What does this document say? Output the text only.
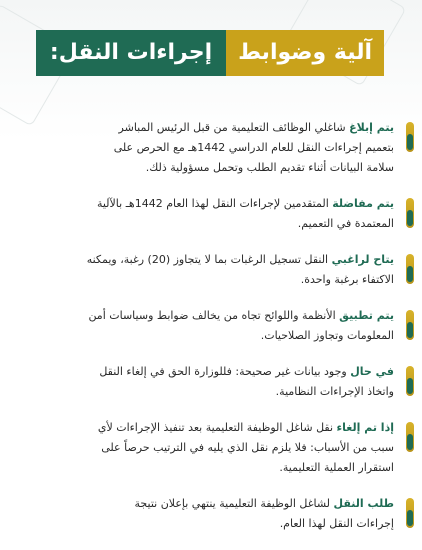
آلية وضوابط
إجراءات النقل:
يتم إبلاغ شاغلي الوظائف التعليمية من قبل الرئيس المباشر
بتعميم إجراءات النقل للعام الدراسي 1442هـ مع الحرص على
سلامة البيانات أثناء تقديم الطلب وتحمل مسؤولية ذلك.
يتم مفاضلة المتقدمين لإجراءات النقل لهذا العام 1442هـ بالآلية
المعتمدة في التعميم.
يتاح لراغبي النقل تسجيل الرغبات بما لا يتجاوز (20) رغبة، ويمكنه
الاكتفاء برغبة واحدة.
يتم تطبيق الأنظمة واللوائح تجاه من يخالف ضوابط وسياسات أمن
المعلومات وتجاوز الصلاحيات.
في حال وجود بيانات غير صحيحة: فللوزارة الحق في إلغاء النقل
واتخاذ الإجراءات النظامية.
إذا تم إلغاء نقل شاغل الوظيفة التعليمية بعد تنفيذ الإجراءات لأي
سبب من الأسباب: فلا يلزم نقل الذي يليه في الترتيب حرصاً على
استقرار العملية التعليمية.
طلب النقل لشاغل الوظيفة التعليمية ينتهي بإعلان نتيجة
إجراءات النقل لهذا العام.
